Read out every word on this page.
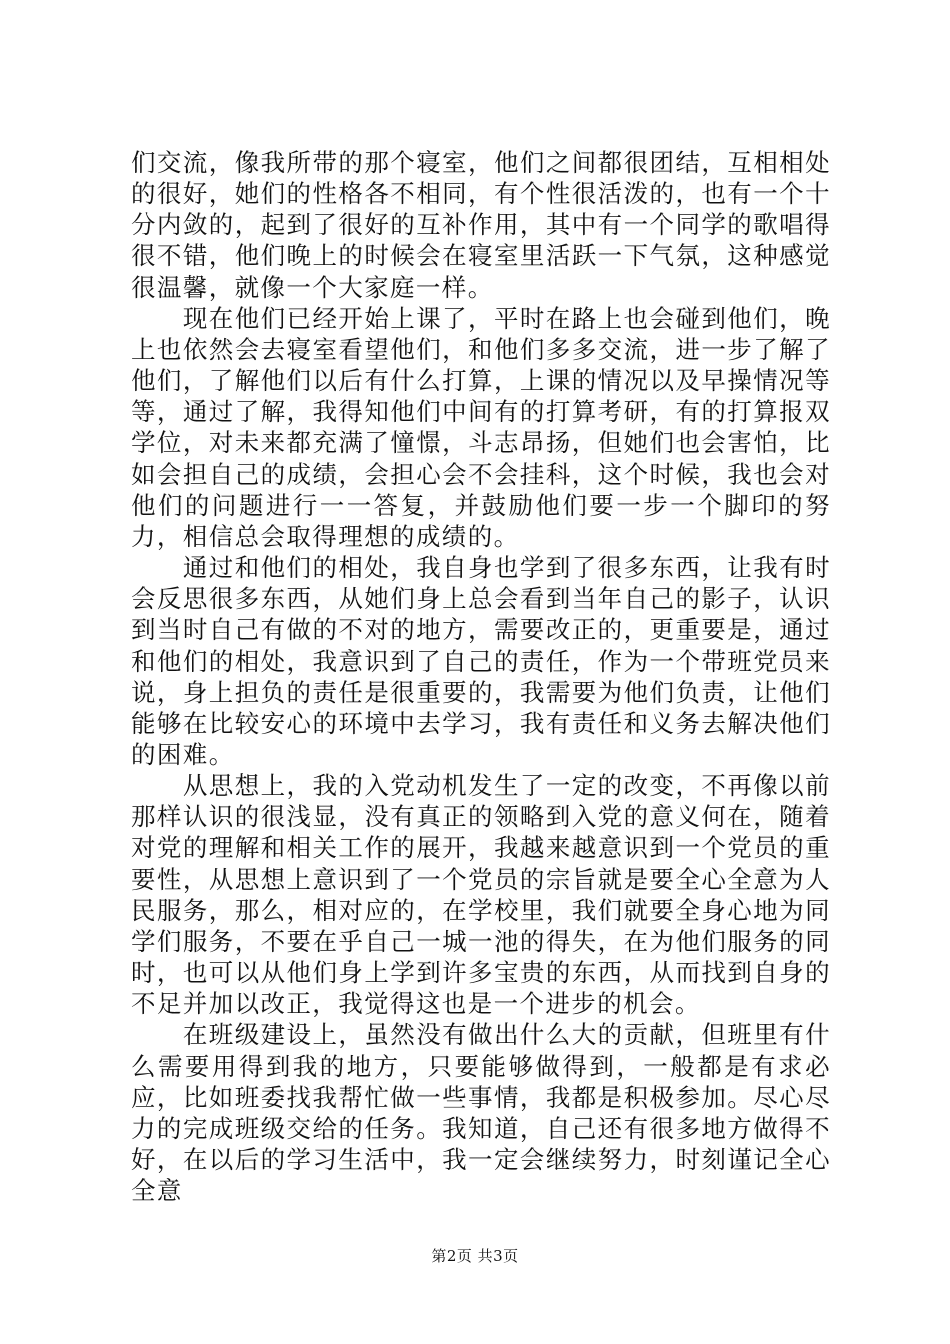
们交流，像我所带的那个寝室，他们之间都很团结，互相相处的很好，她们的性格各不相同，有个性很活泼的，也有一个十分内敛的，起到了很好的互补作用，其中有一个同学的歌唱得很不错，他们晚上的时候会在寝室里活跃一下气氛，这种感觉很温馨，就像一个大家庭一样。

　　现在他们已经开始上课了，平时在路上也会碰到他们，晚上也依然会去寝室看望他们，和他们多多交流，进一步了解了他们，了解他们以后有什么打算，上课的情况以及早操情况等等，通过了解，我得知他们中间有的打算考研，有的打算报双学位，对未来都充满了憧憬，斗志昂扬，但她们也会害怕，比如会担自己的成绩，会担心会不会挂科，这个时候，我也会对他们的问题进行一一答复，并鼓励他们要一步一个脚印的努力，相信总会取得理想的成绩的。

　　通过和他们的相处，我自身也学到了很多东西，让我有时会反思很多东西，从她们身上总会看到当年自己的影子，认识到当时自己有做的不对的地方，需要改正的，更重要是，通过和他们的相处，我意识到了自己的责任，作为一个带班党员来说，身上担负的责任是很重要的，我需要为他们负责，让他们能够在比较安心的环境中去学习，我有责任和义务去解决他们的困难。

　　从思想上，我的入党动机发生了一定的改变，不再像以前那样认识的很浅显，没有真正的领略到入党的意义何在，随着对党的理解和相关工作的展开，我越来越意识到一个党员的重要性，从思想上意识到了一个党员的宗旨就是要全心全意为人民服务，那么，相对应的，在学校里，我们就要全身心地为同学们服务，不要在乎自己一城一池的得失，在为他们服务的同时，也可以从他们身上学到许多宝贵的东西，从而找到自身的不足并加以改正，我觉得这也是一个进步的机会。

　　在班级建设上，虽然没有做出什么大的贡献，但班里有什么需要用得到我的地方，只要能够做得到，一般都是有求必应，比如班委找我帮忙做一些事情，我都是积极参加。尽心尽力的完成班级交给的任务。我知道，自己还有很多地方做得不好，在以后的学习生活中，我一定会继续努力，时刻谨记全心全意

第2页 共3页
